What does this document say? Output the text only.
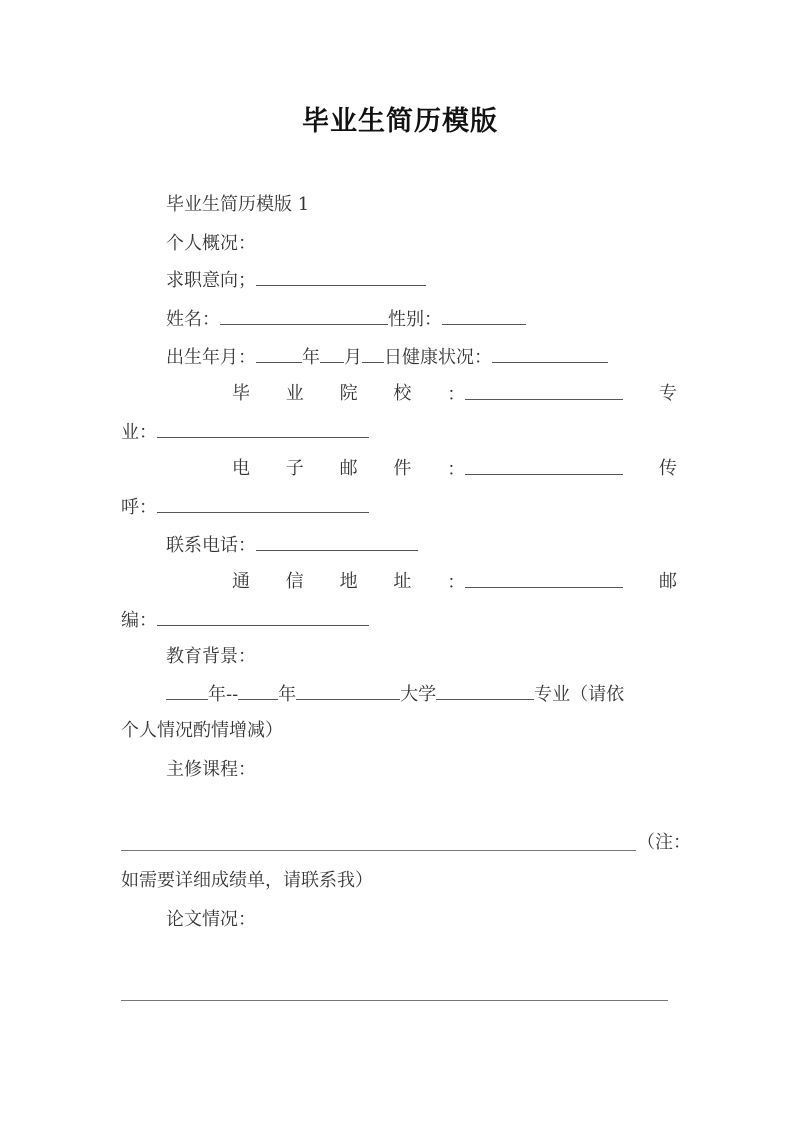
毕业生简历模版
毕业生简历模版 1
个人概况：
求职意向；
姓名：	性别：
出生年月：	年 月 日健康状况：
毕 业 院 校 ：	专
业：
电 子 邮 件 ：	传
呼：
联系电话：
通 信 地 址 ：	邮
编：
教育背景：
年-- 年	大学	专业（请依
个人情况酌情增减）
主修课程：
（ 注 ：
如需要详细成绩单，请联系我）
论文情况：
